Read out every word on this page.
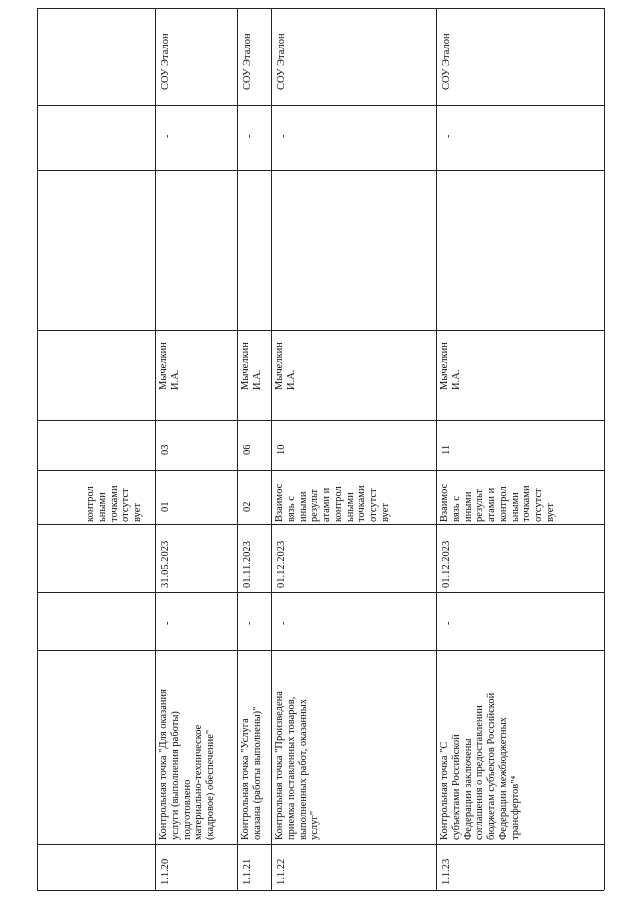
контрол
ьными
точками
отсутст
вует
1.1.20
Контрольная точка "Для оказания
услуги (выполнения работы)
подготовлено
материально-техническое
(кадровое) обеспечение"
-
31.05.2023
01
03
Мычелкин
И.А.
-
СОУ Эталон
1.1.21
Контрольная точка "Услуга
оказана (работы выполнены)"
-
01.11.2023
02
06
Мычелкин
И.А.
-
СОУ Эталон
1.1.22
Контрольная точка "Произведена
приемка поставленных товаров,
выполненных работ, оказанных
услуг"
-
01.12.2023
Взаимос
вязь с
иными
результ
атами и
контрол
ьными
точками
отсутст
вует
10
Мычелкин
И.А.
-
СОУ Эталон
1.1.23
Контрольная точка "С
субъектами Российской
Федерации заключены
соглашения о предоставлении
бюджетам субъектов Российской
Федерации межбюджетных
трансфертов"⁴
-
01.12.2023
Взаимос
вязь с
иными
результ
атами и
контрол
ьными
точками
отсутст
вует
11
Мычелкин
И.А.
-
СОУ Эталон
